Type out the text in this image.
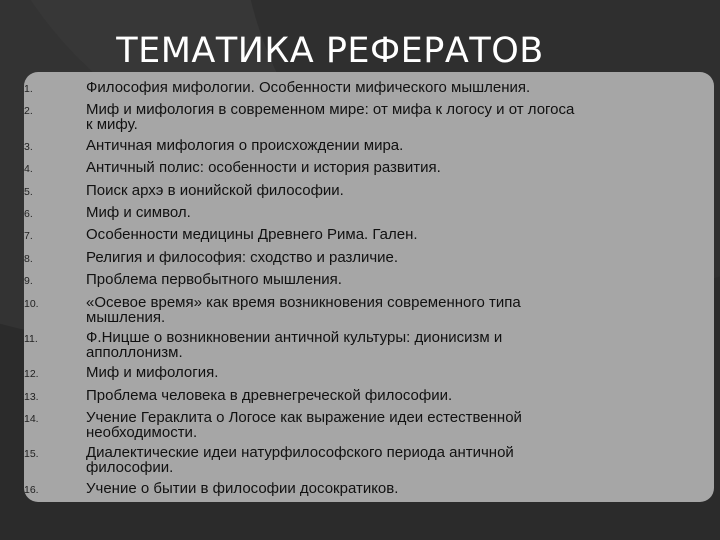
ТЕМАТИКА РЕФЕРАТОВ
1.	Философия мифологии. Особенности мифического мышления.
2.	Миф и мифология в современном мире: от мифа к логосу и от логоса к мифу.
3.	Античная мифология о происхождении мира.
4.	Античный полис: особенности и история развития.
5.	Поиск архэ в ионийской философии.
6.	Миф и символ.
7.	Особенности медицины Древнего Рима. Гален.
8.	Религия и философия: сходство и различие.
9.	Проблема первобытного мышления.
10.	«Осевое время» как время возникновения современного типа мышления.
11.	Ф.Ницше о возникновении античной культуры: дионисизм и апполлонизм.
12.	Миф и мифология.
13.	Проблема человека в древнегреческой философии.
14.	Учение Гераклита о Логосе как выражение идеи естественной необходимости.
15.	Диалектические идеи натурфилософского периода античной философии.
16.	Учение о бытии в философии досократиков.
